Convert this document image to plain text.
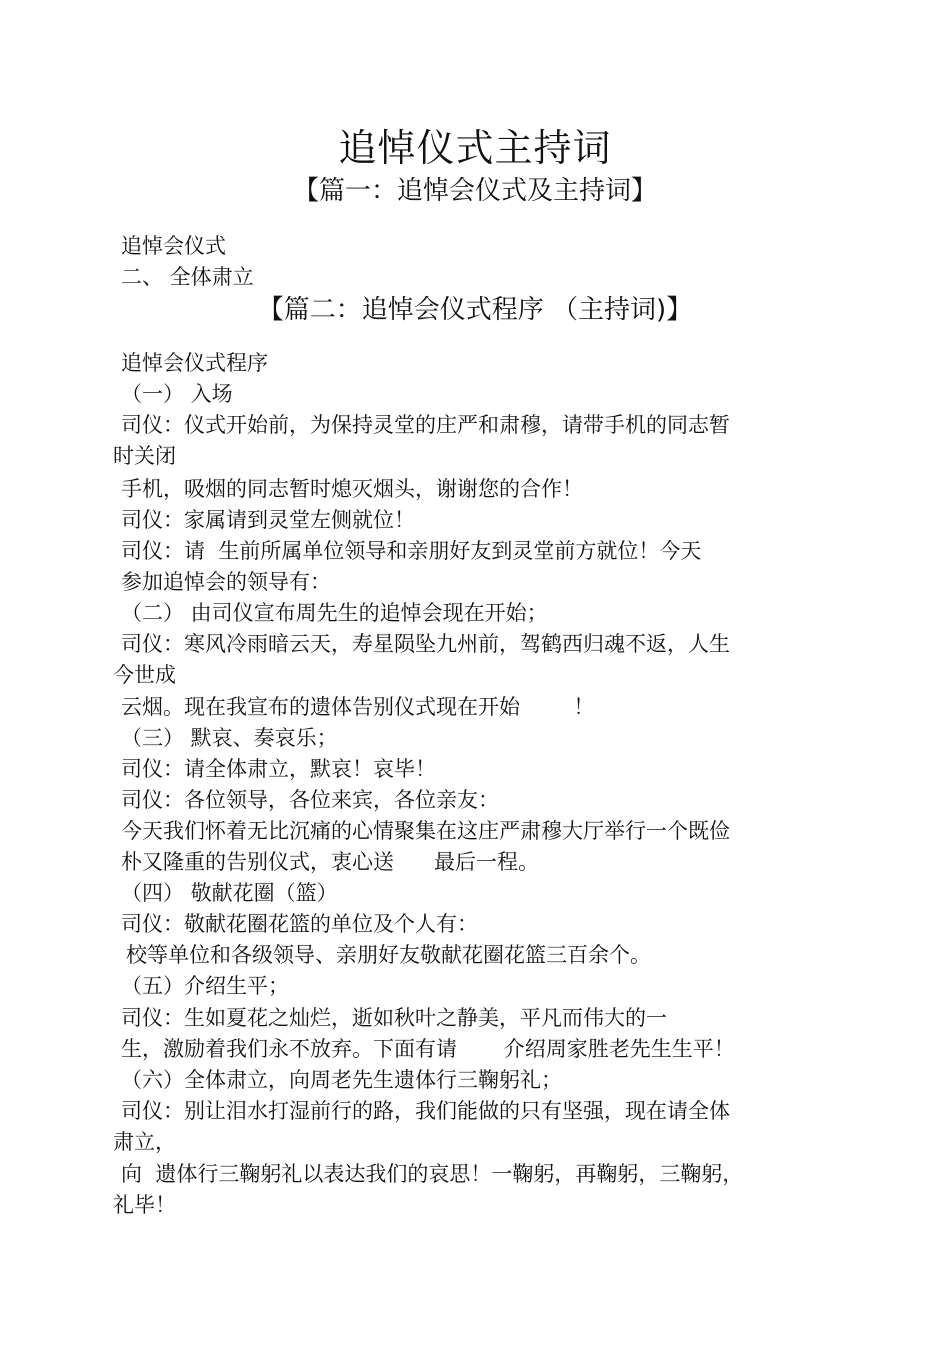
追悼仪式主持词
【篇一：追悼会仪式及主持词】

追悼会仪式

二、 全体肃立

【篇二：追悼会仪式程序 （主持词)】

追悼会仪式程序

（一） 入场

司仪：仪式开始前，为保持灵堂的庄严和肃穆，请带手机的同志暂

时关闭

手机，吸烟的同志暂时熄灭烟头，谢谢您的合作！

司仪：家属请到灵堂左侧就位！

司仪：请  生前所属单位领导和亲朋好友到灵堂前方就位！今天

参加追悼会的领导有：

（二） 由司仪宣布周先生的追悼会现在开始；

司仪：寒风冷雨暗云天，寿星陨坠九州前，驾鹤西归魂不返，人生

今世成

云烟。现在我宣布的遗体告别仪式现在开始        ！

（三） 默哀、奏哀乐；

司仪：请全体肃立，默哀！哀毕！

司仪：各位领导，各位来宾，各位亲友：

今天我们怀着无比沉痛的心情聚集在这庄严肃穆大厅举行一个既俭

朴又隆重的告别仪式，衷心送      最后一程。

（四） 敬献花圈（篮）

司仪：敬献花圈花篮的单位及个人有：

校等单位和各级领导、亲朋好友敬献花圈花篮三百余个。

（五）介绍生平；

司仪：生如夏花之灿烂，逝如秋叶之静美，平凡而伟大的一

生，激励着我们永不放弃。下面有请       介绍周家胜老先生生平！

（六）全体肃立，向周老先生遗体行三鞠躬礼；

司仪：别让泪水打湿前行的路，我们能做的只有坚强，现在请全体

肃立，

向  遗体行三鞠躬礼以表达我们的哀思！一鞠躬，再鞠躬，三鞠躬，

礼毕！
